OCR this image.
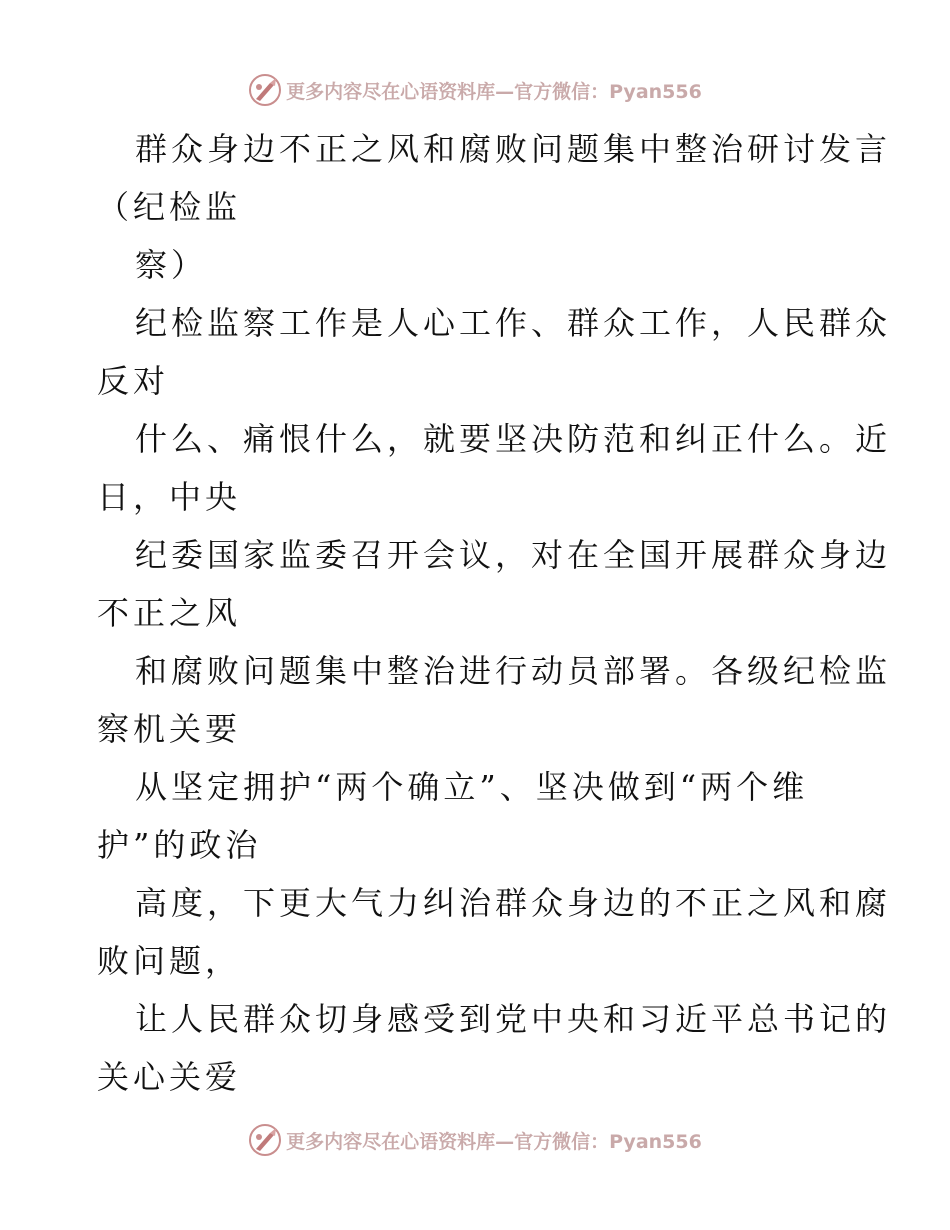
更多内容尽在心语资料库—官方微信：Pyan556
群众身边不正之风和腐败问题集中整治研讨发言
（纪检监
察）
纪检监察工作是人心工作、群众工作，人民群众
反对
什么、痛恨什么，就要坚决防范和纠正什么。近
日，中央
纪委国家监委召开会议，对在全国开展群众身边
不正之风
和腐败问题集中整治进行动员部署。各级纪检监
察机关要
从坚定拥护“两个确立”、坚决做到“两个维
护”的政治
高度，下更大气力纠治群众身边的不正之风和腐
败问题，
让人民群众切身感受到党中央和习近平总书记的
关心关爱
更多内容尽在心语资料库—官方微信：Pyan556
